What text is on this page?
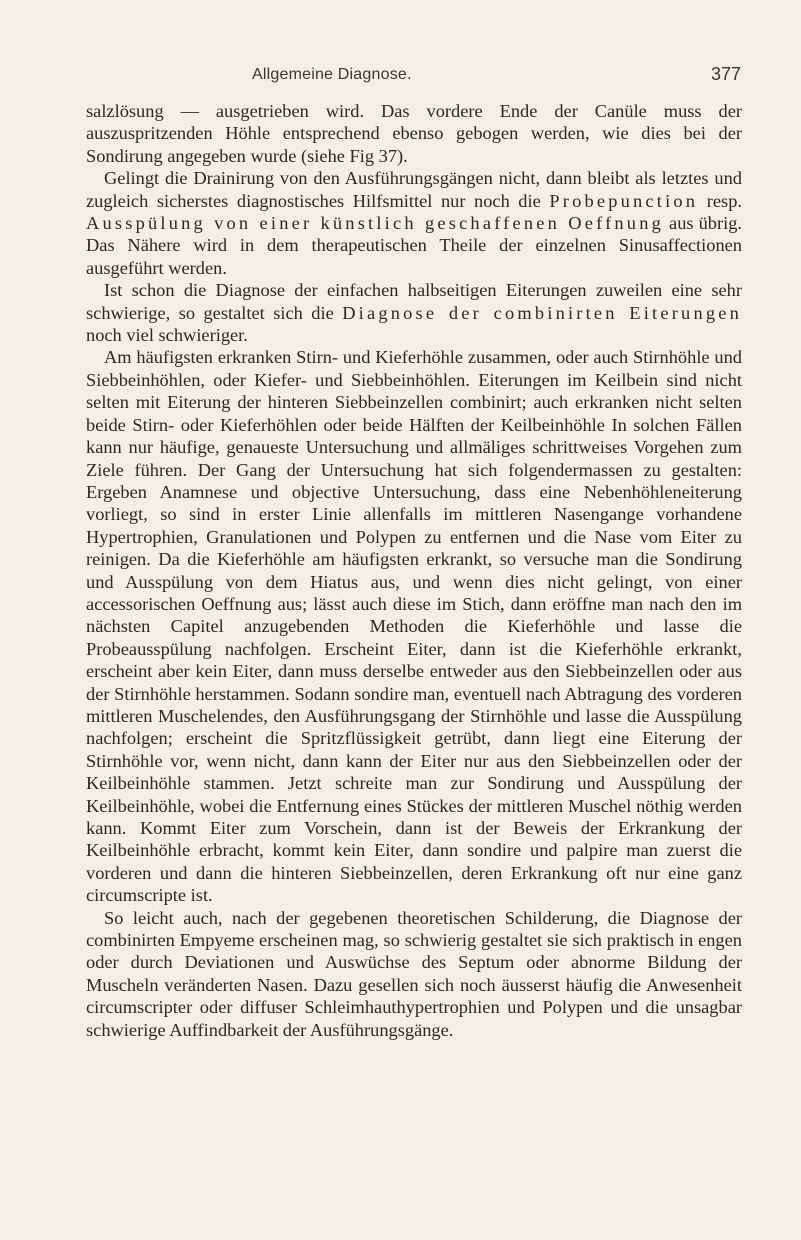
Allgemeine Diagnose.	377

salzlösung — ausgetrieben wird. Das vordere Ende der Canüle muss der auszuspritzenden Höhle entsprechend ebenso gebogen werden, wie dies bei der Sondirung angegeben wurde (siehe Fig 37).

Gelingt die Drainirung von den Ausführungsgängen nicht, dann bleibt als letztes und zugleich sicherstes diagnostisches Hilfsmittel nur noch die Probepunction resp. Ausspülung von einer künstlich geschaffenen Oeffnung aus übrig. Das Nähere wird in dem therapeutischen Theile der einzelnen Sinusaffectionen ausgeführt werden.

Ist schon die Diagnose der einfachen halbseitigen Eiterungen zuweilen eine sehr schwierige, so gestaltet sich die Diagnose der combinirten Eiterungen noch viel schwieriger.

Am häufigsten erkranken Stirn- und Kieferhöhle zusammen, oder auch Stirnhöhle und Siebbeinhöhlen, oder Kiefer- und Siebbeinhöhlen. Eiterungen im Keilbein sind nicht selten mit Eiterung der hinteren Siebbeinzellen combinirt; auch erkranken nicht selten beide Stirn- oder Kieferhöhlen oder beide Hälften der Keilbeinhöhle In solchen Fällen kann nur häufige, genaueste Untersuchung und allmäliges schrittweises Vorgehen zum Ziele führen. Der Gang der Untersuchung hat sich folgendermassen zu gestalten: Ergeben Anamnese und objective Untersuchung, dass eine Nebenhöhleneiterung vorliegt, so sind in erster Linie allenfalls im mittleren Nasengange vorhandene Hypertrophien, Granulationen und Polypen zu entfernen und die Nase vom Eiter zu reinigen. Da die Kieferhöhle am häufigsten erkrankt, so versuche man die Sondirung und Ausspülung von dem Hiatus aus, und wenn dies nicht gelingt, von einer accessorischen Oeffnung aus; lässt auch diese im Stich, dann eröffne man nach den im nächsten Capitel anzugebenden Methoden die Kieferhöhle und lasse die Probeausspülung nachfolgen. Erscheint Eiter, dann ist die Kieferhöhle erkrankt, erscheint aber kein Eiter, dann muss derselbe entweder aus den Siebbeinzellen oder aus der Stirnhöhle herstammen. Sodann sondire man, eventuell nach Abtragung des vorderen mittleren Muschelendes, den Ausführungsgang der Stirnhöhle und lasse die Ausspülung nachfolgen; erscheint die Spritzflüssigkeit getrübt, dann liegt eine Eiterung der Stirnhöhle vor, wenn nicht, dann kann der Eiter nur aus den Siebbeinzellen oder der Keilbeinhöhle stammen. Jetzt schreite man zur Sondirung und Ausspülung der Keilbeinhöhle, wobei die Entfernung eines Stückes der mittleren Muschel nöthig werden kann. Kommt Eiter zum Vorschein, dann ist der Beweis der Erkrankung der Keilbeinhöhle erbracht, kommt kein Eiter, dann sondire und palpire man zuerst die vorderen und dann die hinteren Siebbeinzellen, deren Erkrankung oft nur eine ganz circumscripte ist.

So leicht auch, nach der gegebenen theoretischen Schilderung, die Diagnose der combinirten Empyeme erscheinen mag, so schwierig gestaltet sie sich praktisch in engen oder durch Deviationen und Auswüchse des Septum oder abnorme Bildung der Muscheln veränderten Nasen. Dazu gesellen sich noch äusserst häufig die Anwesenheit circumscripter oder diffuser Schleimhauthypertrophien und Polypen und die unsagbar schwierige Auffindbarkeit der Ausführungsgänge.
